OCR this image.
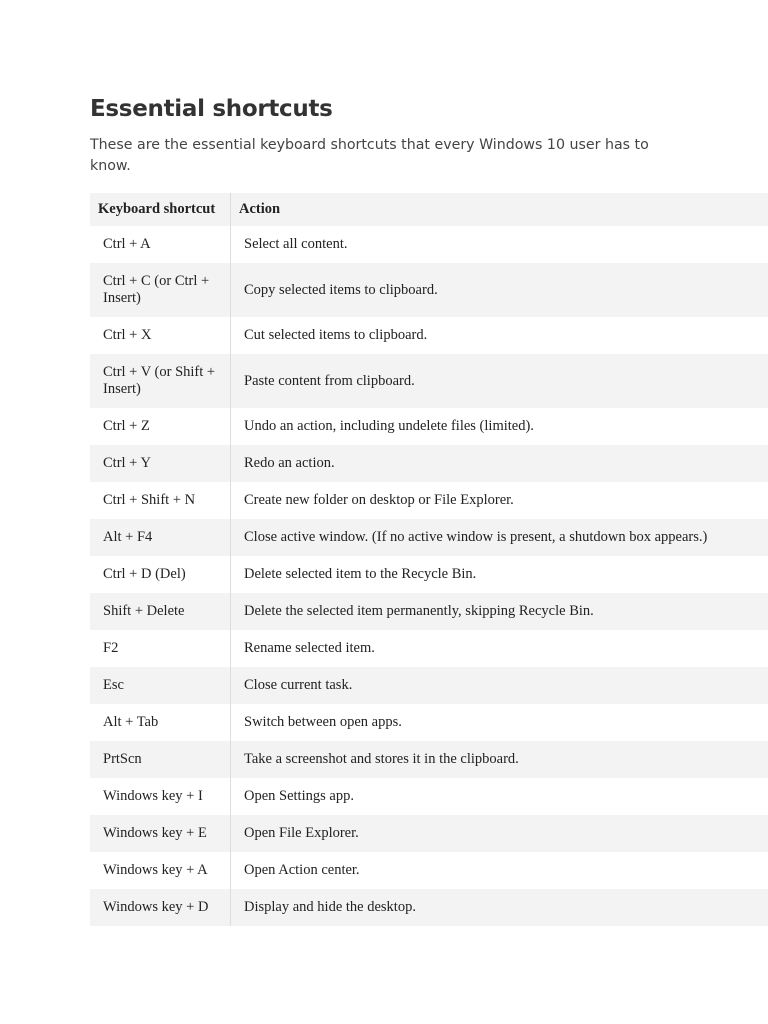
Essential shortcuts

These are the essential keyboard shortcuts that every Windows 10 user has to know.

Keyboard shortcut	Action
Ctrl + A	Select all content.
Ctrl + C (or Ctrl + Insert)	Copy selected items to clipboard.
Ctrl + X	Cut selected items to clipboard.
Ctrl + V (or Shift + Insert)	Paste content from clipboard.
Ctrl + Z	Undo an action, including undelete files (limited).
Ctrl + Y	Redo an action.
Ctrl + Shift + N	Create new folder on desktop or File Explorer.
Alt + F4	Close active window. (If no active window is present, a shutdown box appears.)
Ctrl + D (Del)	Delete selected item to the Recycle Bin.
Shift + Delete	Delete the selected item permanently, skipping Recycle Bin.
F2	Rename selected item.
Esc	Close current task.
Alt + Tab	Switch between open apps.
PrtScn	Take a screenshot and stores it in the clipboard.
Windows key + I	Open Settings app.
Windows key + E	Open File Explorer.
Windows key + A	Open Action center.
Windows key + D	Display and hide the desktop.
